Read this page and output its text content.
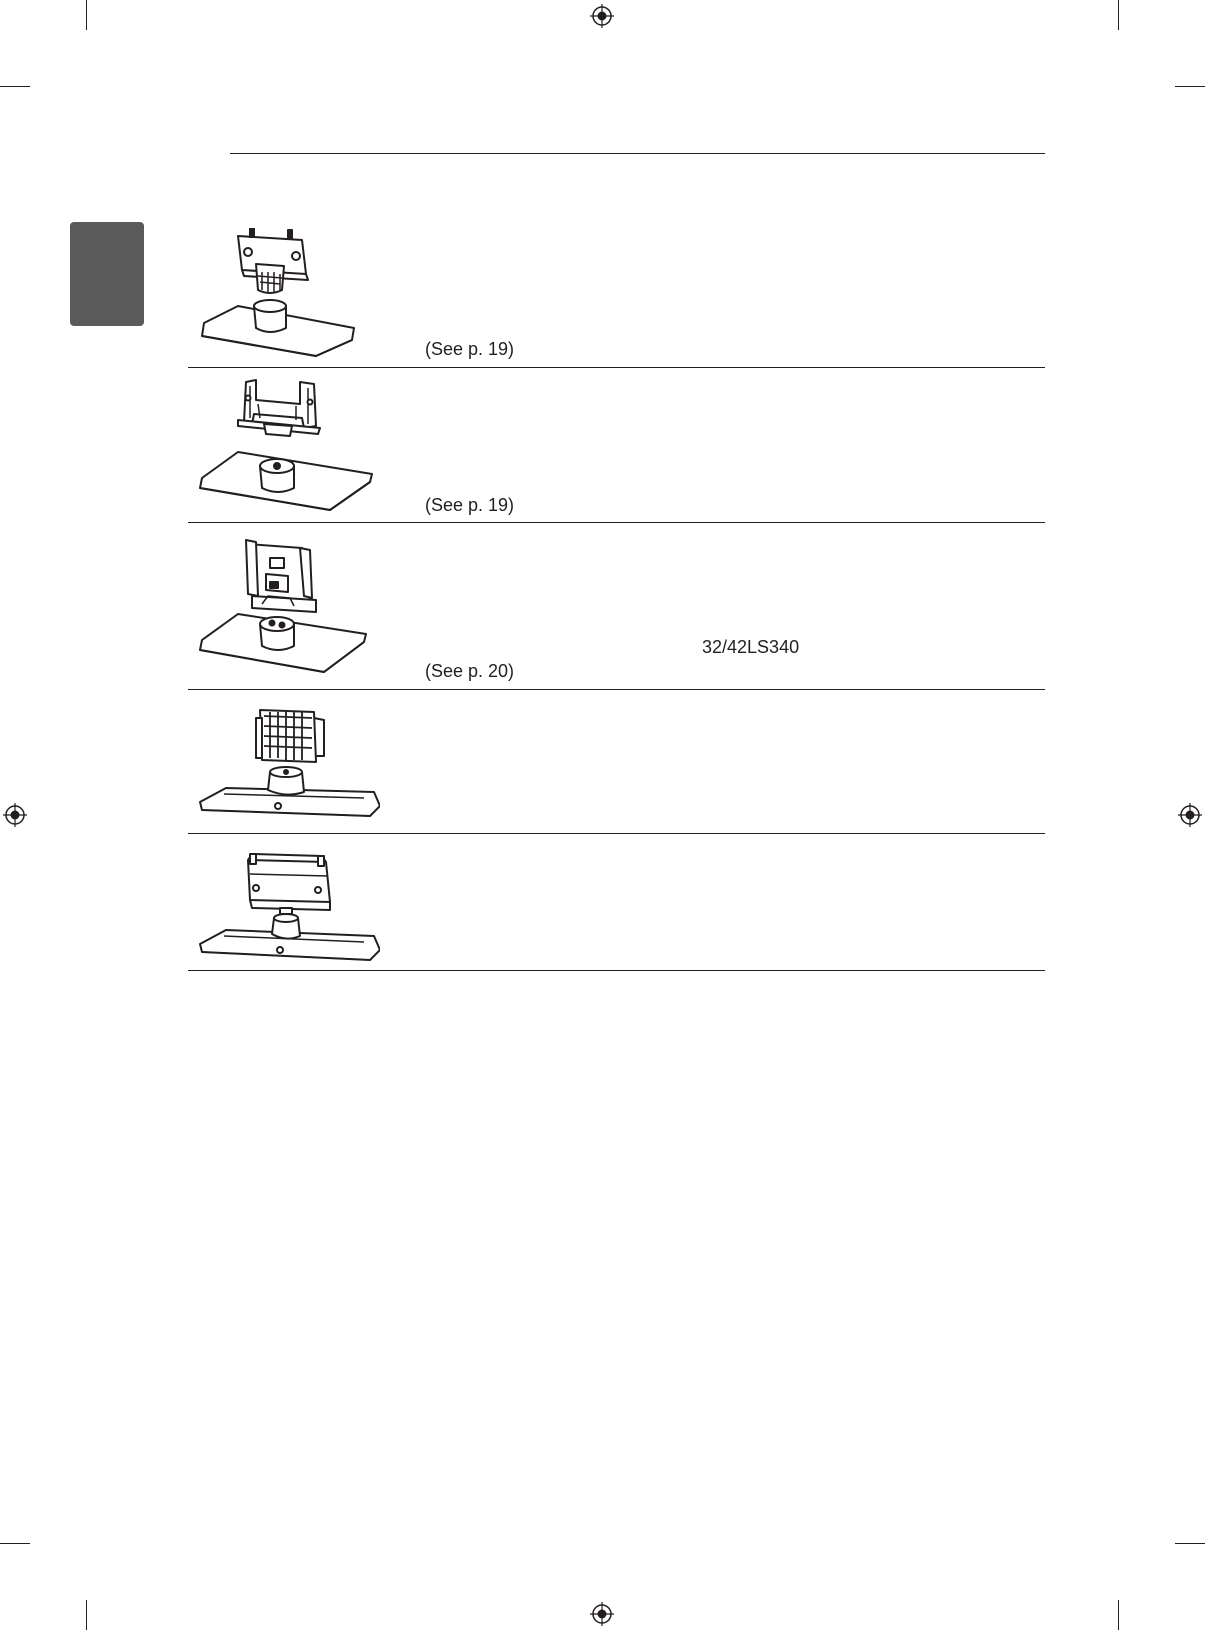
(See p. 19)
(See p. 19)
32/42LS340
(See p. 20)
